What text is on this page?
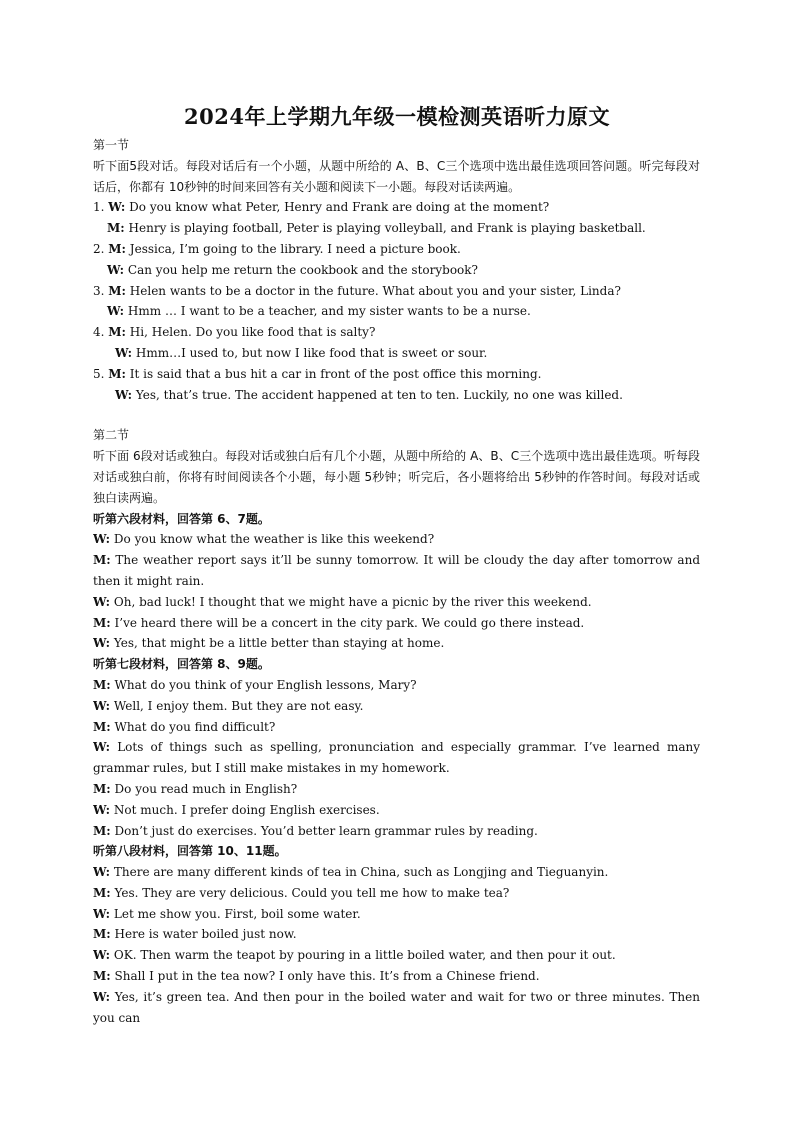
2024年上学期九年级一模检测英语听力原文
第一节
听下面5段对话。每段对话后有一个小题，从题中所给的 A、B、C三个选项中选出最佳选项回答问题。听完每段对话后，你都有 10秒钟的时间来回答有关小题和阅读下一小题。每段对话读两遍。
1. W: Do you know what Peter, Henry and Frank are doing at the moment?
M: Henry is playing football, Peter is playing volleyball, and Frank is playing basketball.
2. M: Jessica, I’m going to the library. I need a picture book.
W: Can you help me return the cookbook and the storybook?
3. M: Helen wants to be a doctor in the future. What about you and your sister, Linda?
W: Hmm … I want to be a teacher, and my sister wants to be a nurse.
4. M: Hi, Helen. Do you like food that is salty?
W: Hmm…I used to, but now I like food that is sweet or sour.
5. M: It is said that a bus hit a car in front of the post office this morning.
W: Yes, that’s true. The accident happened at ten to ten. Luckily, no one was killed.
第二节
听下面 6段对话或独白。每段对话或独白后有几个小题，从题中所给的 A、B、C三个选项中选出最佳选项。听每段对话或独白前，你将有时间阅读各个小题，每小题 5秒钟；听完后，各小题将给出 5秒钟的作答时间。每段对话或独白读两遍。
听第六段材料，回答第 6、7题。
W: Do you know what the weather is like this weekend?
M: The weather report says it’ll be sunny tomorrow. It will be cloudy the day after tomorrow and then it might rain.
W: Oh, bad luck! I thought that we might have a picnic by the river this weekend.
M: I’ve heard there will be a concert in the city park. We could go there instead.
W: Yes, that might be a little better than staying at home.
听第七段材料，回答第 8、9题。
M: What do you think of your English lessons, Mary?
W: Well, I enjoy them. But they are not easy.
M: What do you find difficult?
W: Lots of things such as spelling, pronunciation and especially grammar. I’ve learned many grammar rules, but I still make mistakes in my homework.
M: Do you read much in English?
W: Not much. I prefer doing English exercises.
M: Don’t just do exercises. You’d better learn grammar rules by reading.
听第八段材料，回答第 10、11题。
W: There are many different kinds of tea in China, such as Longjing and Tieguanyin.
M: Yes. They are very delicious. Could you tell me how to make tea?
W: Let me show you. First, boil some water.
M: Here is water boiled just now.
W: OK. Then warm the teapot by pouring in a little boiled water, and then pour it out.
M: Shall I put in the tea now? I only have this. It’s from a Chinese friend.
W: Yes, it’s green tea. And then pour in the boiled water and wait for two or three minutes. Then you can
